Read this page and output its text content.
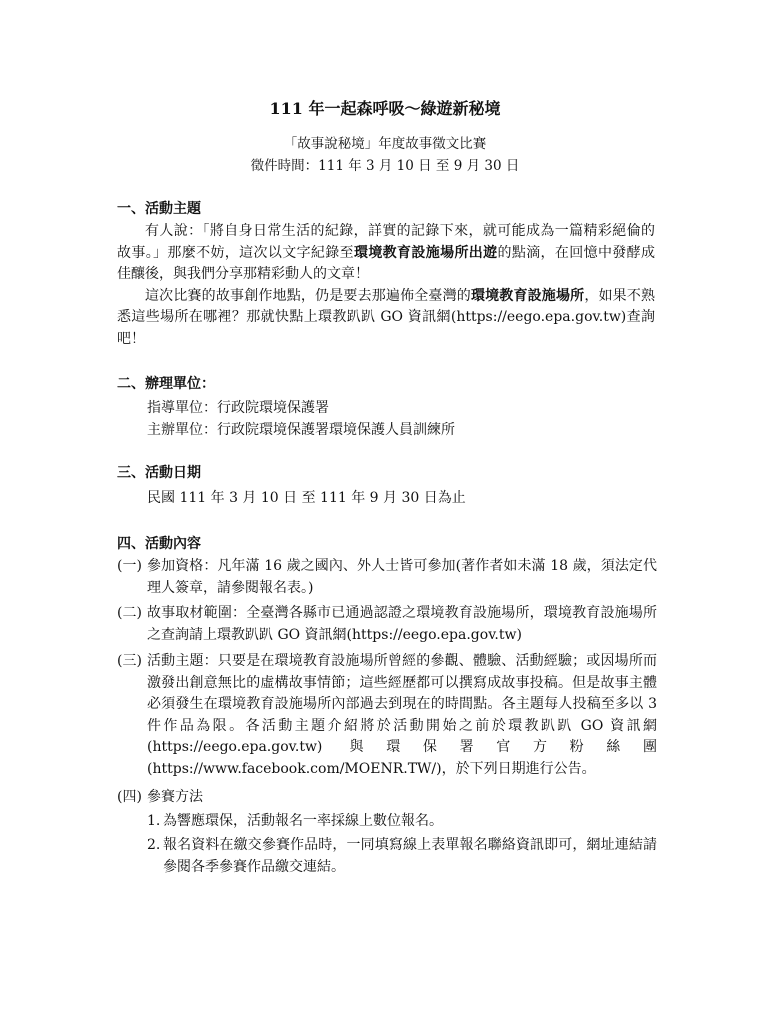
111 年一起森呼吸～綠遊新秘境
「故事說秘境」年度故事徵文比賽
徵件時間：111 年 3 月 10 日 至 9 月 30 日
一、活動主題

有人說：「將自身日常生活的紀錄，詳實的記錄下來，就可能成為一篇精彩絕倫的故事。」那麼不妨，這次以文字紀錄至環境教育設施場所出遊的點滴，在回憶中發酵成佳釀後，與我們分享那精彩動人的文章！

這次比賽的故事創作地點，仍是要去那遍佈全臺灣的環境教育設施場所，如果不熟悉這些場所在哪裡？那就快點上環教趴趴 GO 資訊網(https://eego.epa.gov.tw)查詢吧！

二、辦理單位：
指導單位：行政院環境保護署
主辦單位：行政院環境保護署環境保護人員訓練所
三、活動日期
民國 111 年 3 月 10 日 至 111 年 9 月 30 日為止
四、活動內容
(一) 參加資格：凡年滿 16 歲之國內、外人士皆可參加(著作者如未滿 18 歲，須法定代理人簽章，請參閱報名表。)
(二) 故事取材範圍：全臺灣各縣市已通過認證之環境教育設施場所，環境教育設施場所之查詢請上環教趴趴 GO 資訊網(https://eego.epa.gov.tw)
(三) 活動主題：只要是在環境教育設施場所曾經的參觀、體驗、活動經驗；或因場所而激發出創意無比的虛構故事情節；這些經歷都可以撰寫成故事投稿。但是故事主體必須發生在環境教育設施場所內部過去到現在的時間點。各主題每人投稿至多以 3 件作品為限。各活動主題介紹將於活動開始之前於環教趴趴 GO 資訊網 (https://eego.epa.gov.tw) 與環保署官方粉絲團(https://www.facebook.com/MOENR.TW/)，於下列日期進行公告。
(四) 參賽方法
1. 為響應環保，活動報名一率採線上數位報名。
2. 報名資料在繳交參賽作品時，一同填寫線上表單報名聯絡資訊即可，網址連結請參閱各季參賽作品繳交連結。
